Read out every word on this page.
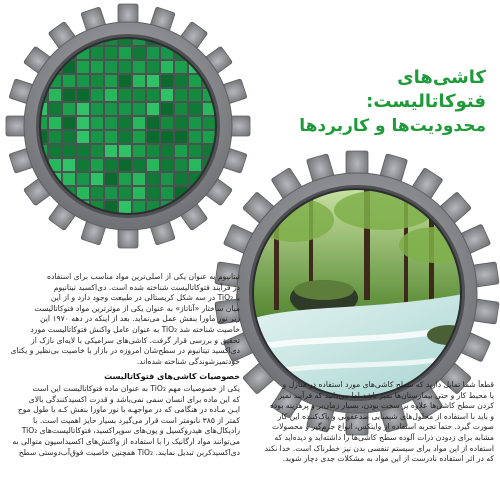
کاشی‌های فتوکاتالیست:
محدودیت‌ها و کاربردها
تیتانیوم به عنوان یکی از اصلی‌ترین مواد مناسب برای استفاده
در فرآیند فتوکاتالیست شناخته شده است. دی‌اکسید تیتانیوم
یا TiO₂ در سه شکل کریستالی در طبیعت وجود دارد و از این
میان ساختار «آناتاز» به عنوان یکی از موثرترین مواد فتوکاتالیست
زیر نور ماورا بنفش عمل می‌نماید. بعد از اینکه در دهه ۱۹۷۰ این
خاصیت شناخته شد TiO₂ به عنوان عامل واکنش فتوکاتالیست مورد
تحقیق و بررسی قرار گرفت. کاشی‌های سرامیکی با لایه‌ای نازک از
دی‌اکسید تیتانیوم در سطح‌شان امروزه در بازار با خاصیت بی‌نظیر و یکتای
خودتمیزشوندگی شناخته شده‌اند.
خصوصیات کاشی‌های فتوکاتالیست
یکی از خصوصیات مهم TiO₂ به عنوان ماده فتوکاتالیست این است
که این ماده برای انسان سمی نمی‌باشد و قدرت اکسیدکنندگی بالای
ایـن مـاده در هنگامی که در مواجهـه با نور ماورا بنفش کـه با طول موج
کمتر از ۳۸۵ نانومتر است قرار می‌گیرد بسیار حایز اهمیت است. با
رادیکال‌های هیدروکسیل و یون‌های سوپراکسید، فتوکاتالیست‌های TiO₂
می‌توانند مواد ارگانیک را با استفاده از واکنش‌های اکسیداسیون متوالی به
دی‌اکسیدکربن تبدیل نمایند. TiO₂ همچنین خاصیت فوق‌آب‌دوستی سطح
قطعاً شما تمایل دارید که سطح کاشی‌های مورد استفاده در منازل و
یا محیط کار و حتی بیمارستان‌ها تمیز باشد اما می‌دانید که فرآیند تمیز
کردن سطح کاشی‌ها علاوه بر سخت بودن، بسیار زمان‌بر و پرهزینه بوده
و باید با استفاده از محلول‌های شیمیایی ضدعفونی و پاک‌کننده این کار
صورت گیرد. حتماً تجربه استفاده از وایتکس، انواع جرم‌گیر و محصولات
مشابه برای زدودن ذرات آلوده سطح کاشی‌ها را داشته‌اید و دیده‌اید که
استفاده از این مواد برای سیستم تنفسی بدن نیز خطرناک است. خدا نکند
که در اثر استفاده نادرست از این مواد به مشکلات جدی دچار شوید.
